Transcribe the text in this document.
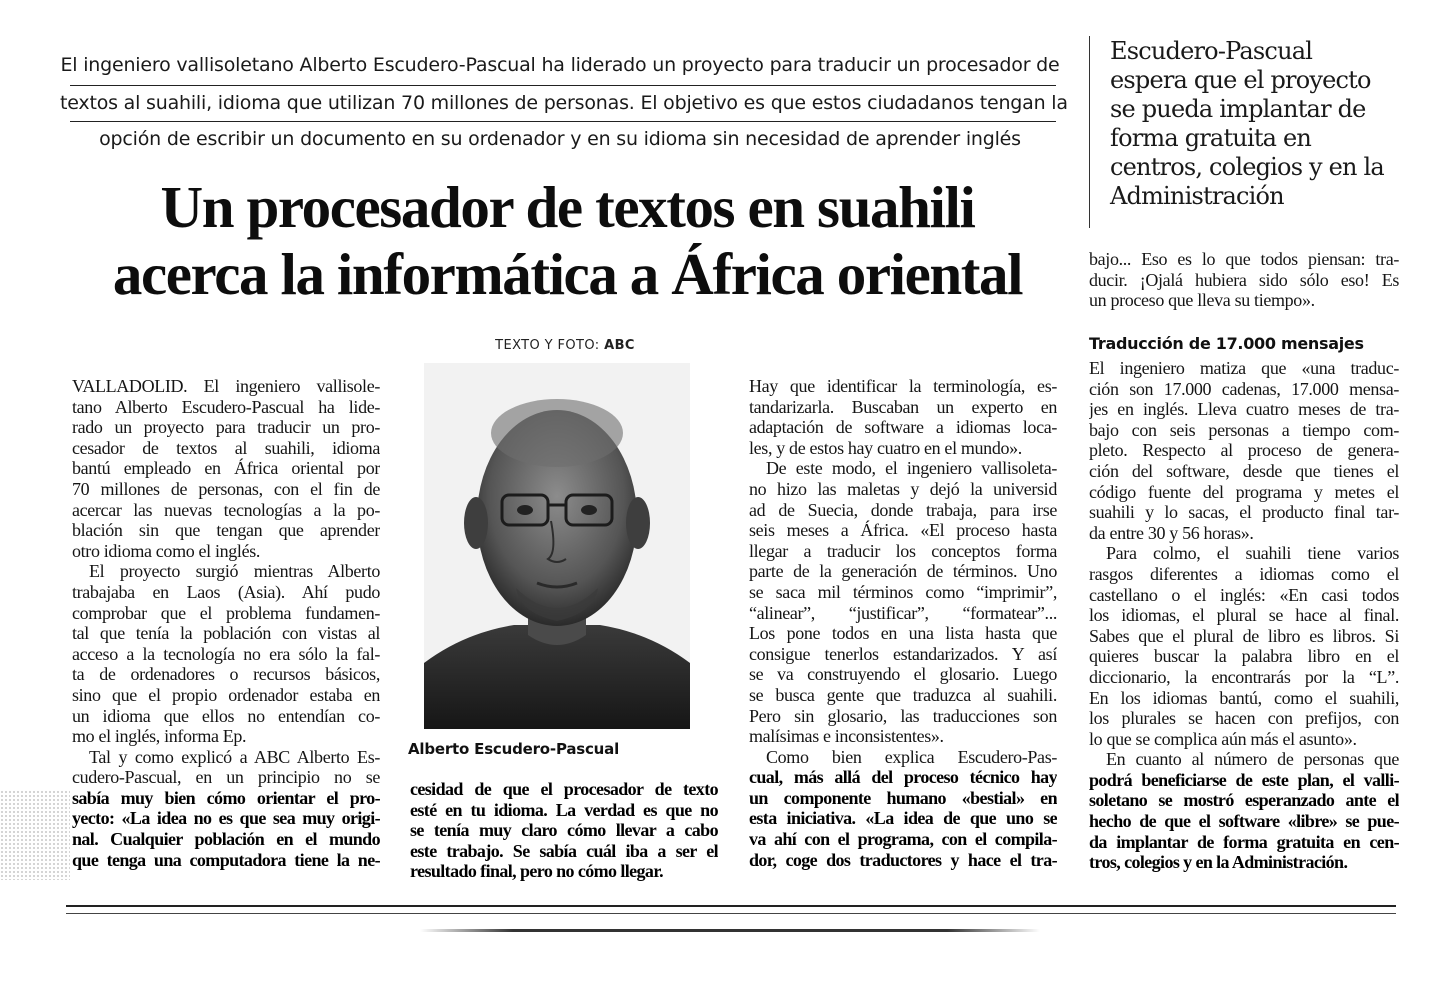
El ingeniero vallisoletano Alberto Escudero-Pascual ha liderado un proyecto para traducir un procesador de
textos al suahili, idioma que utilizan 70 millones de personas. El objetivo es que estos ciudadanos tengan la
opción de escribir un documento en su ordenador y en su idioma sin necesidad de aprender inglés
Un procesador de textos en suahili
acerca la informática a África oriental
Escudero-Pascual
espera que el proyecto
se pueda implantar de
forma gratuita en
centros, colegios y en la
Administración
TEXTO Y FOTO: ABC
Alberto Escudero-Pascual
VALLADOLID. El ingeniero vallisole-
tano Alberto Escudero-Pascual ha lide-
rado un proyecto para traducir un pro-
cesador de textos al suahili, idioma
bantú empleado en África oriental por
70 millones de personas, con el fin de
acercar las nuevas tecnologías a la po-
blación sin que tengan que aprender
otro idioma como el inglés.
El proyecto surgió mientras Alberto
trabajaba en Laos (Asia). Ahí pudo
comprobar que el problema fundamen-
tal que tenía la población con vistas al
acceso a la tecnología no era sólo la fal-
ta de ordenadores o recursos básicos,
sino que el propio ordenador estaba en
un idioma que ellos no entendían co-
mo el inglés, informa Ep.
Tal y como explicó a ABC Alberto Es-
cudero-Pascual, en un principio no se
sabía muy bien cómo orientar el pro-
yecto: «La idea no es que sea muy origi-
nal. Cualquier población en el mundo
que tenga una computadora tiene la ne-
cesidad de que el procesador de texto
esté en tu idioma. La verdad es que no
se tenía muy claro cómo llevar a cabo
este trabajo. Se sabía cuál iba a ser el
resultado final, pero no cómo llegar.
Hay que identificar la terminología, es-
tandarizarla. Buscaban un experto en
adaptación de software a idiomas loca-
les, y de estos hay cuatro en el mundo».
De este modo, el ingeniero vallisoleta-
no hizo las maletas y dejó la universid
ad de Suecia, donde trabaja, para irse
seis meses a África. «El proceso hasta
llegar a traducir los conceptos forma
parte de la generación de términos. Uno
se saca mil términos como “imprimir”,
“alinear”, “justificar”, “formatear”...
Los pone todos en una lista hasta que
consigue tenerlos estandarizados. Y así
se va construyendo el glosario. Luego
se busca gente que traduzca al suahili.
Pero sin glosario, las traducciones son
malísimas e inconsistentes».
Como bien explica Escudero-Pas-
cual, más allá del proceso técnico hay
un componente humano «bestial» en
esta iniciativa. «La idea de que uno se
va ahí con el programa, con el compila-
dor, coge dos traductores y hace el tra-
bajo... Eso es lo que todos piensan: tra-
ducir. ¡Ojalá hubiera sido sólo eso! Es
un proceso que lleva su tiempo».
Traducción de 17.000 mensajes
El ingeniero matiza que «una traduc-
ción son 17.000 cadenas, 17.000 mensa-
jes en inglés. Lleva cuatro meses de tra-
bajo con seis personas a tiempo com-
pleto. Respecto al proceso de genera-
ción del software, desde que tienes el
código fuente del programa y metes el
suahili y lo sacas, el producto final tar-
da entre 30 y 56 horas».
Para colmo, el suahili tiene varios
rasgos diferentes a idiomas como el
castellano o el inglés: «En casi todos
los idiomas, el plural se hace al final.
Sabes que el plural de libro es libros. Si
quieres buscar la palabra libro en el
diccionario, la encontrarás por la “L”.
En los idiomas bantú, como el suahili,
los plurales se hacen con prefijos, con
lo que se complica aún más el asunto».
En cuanto al número de personas que
podrá beneficiarse de este plan, el valli-
soletano se mostró esperanzado ante el
hecho de que el software «libre» se pue-
da implantar de forma gratuita en cen-
tros, colegios y en la Administración.
